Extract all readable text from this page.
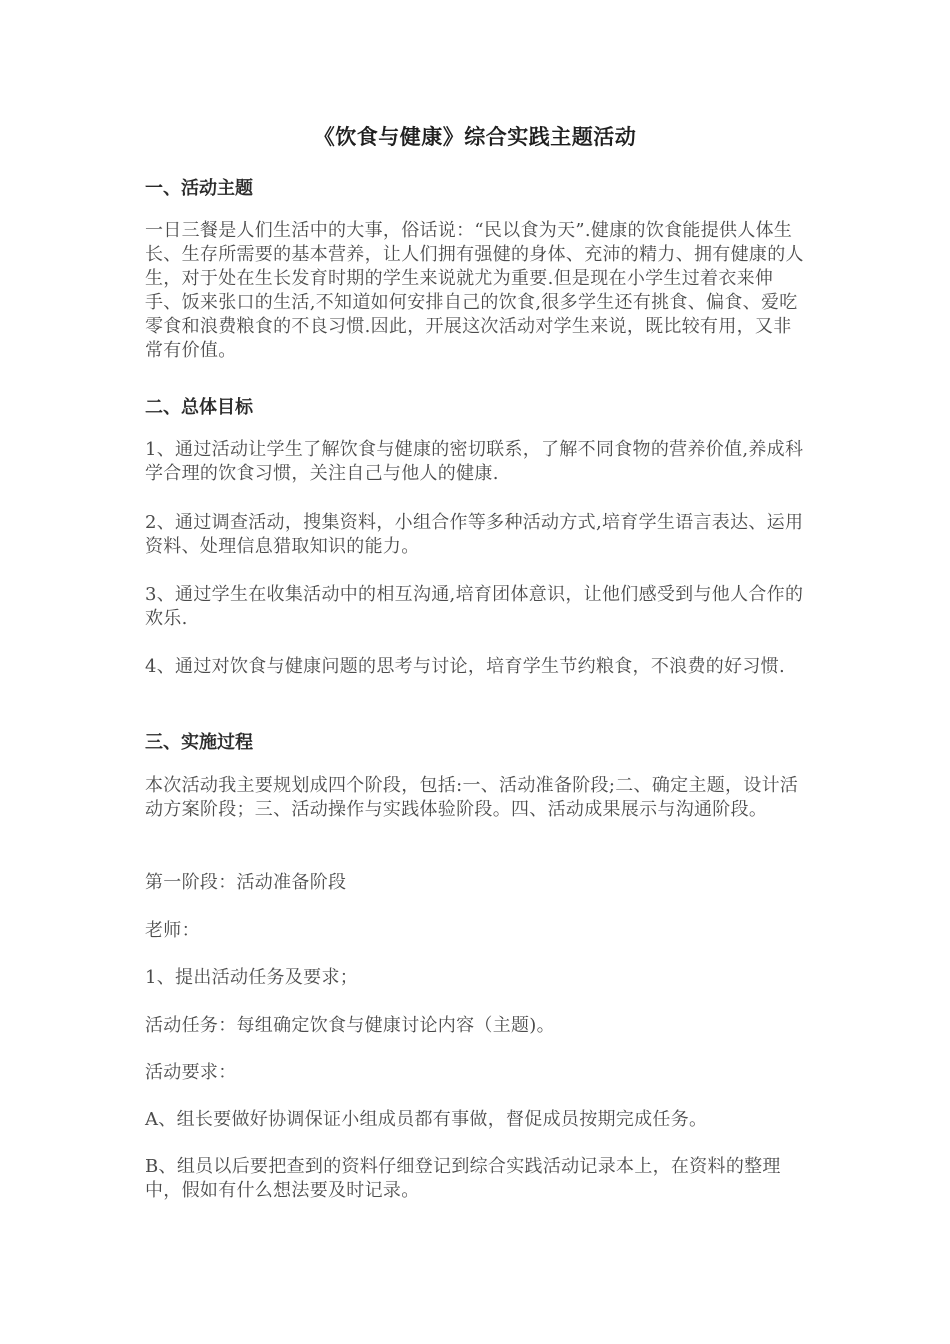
《饮食与健康》综合实践主题活动
一、活动主题

一日三餐是人们生活中的大事，俗话说：“民以食为天”.健康的饮食能提供人体生长、生存所需要的基本营养，让人们拥有强健的身体、充沛的精力、拥有健康的人生，对于处在生长发育时期的学生来说就尤为重要.但是现在小学生过着衣来伸手、饭来张口的生活,不知道如何安排自己的饮食,很多学生还有挑食、偏食、爱吃零食和浪费粮食的不良习惯.因此，开展这次活动对学生来说，既比较有用，又非常有价值。

二、总体目标

1、通过活动让学生了解饮食与健康的密切联系，了解不同食物的营养价值,养成科学合理的饮食习惯，关注自己与他人的健康.

2、通过调查活动，搜集资料，小组合作等多种活动方式,培育学生语言表达、运用资料、处理信息猎取知识的能力。

3、通过学生在收集活动中的相互沟通,培育团体意识，让他们感受到与他人合作的欢乐.

4、通过对饮食与健康问题的思考与讨论，培育学生节约粮食，不浪费的好习惯.

三、实施过程

本次活动我主要规划成四个阶段，包括:一、活动准备阶段;二、确定主题，设计活动方案阶段；三、活动操作与实践体验阶段。四、活动成果展示与沟通阶段。

第一阶段：活动准备阶段

老师：

1、提出活动任务及要求；

活动任务：每组确定饮食与健康讨论内容（主题)。

活动要求：

A、组长要做好协调保证小组成员都有事做，督促成员按期完成任务。

B、组员以后要把查到的资料仔细登记到综合实践活动记录本上，在资料的整理中，假如有什么想法要及时记录。
